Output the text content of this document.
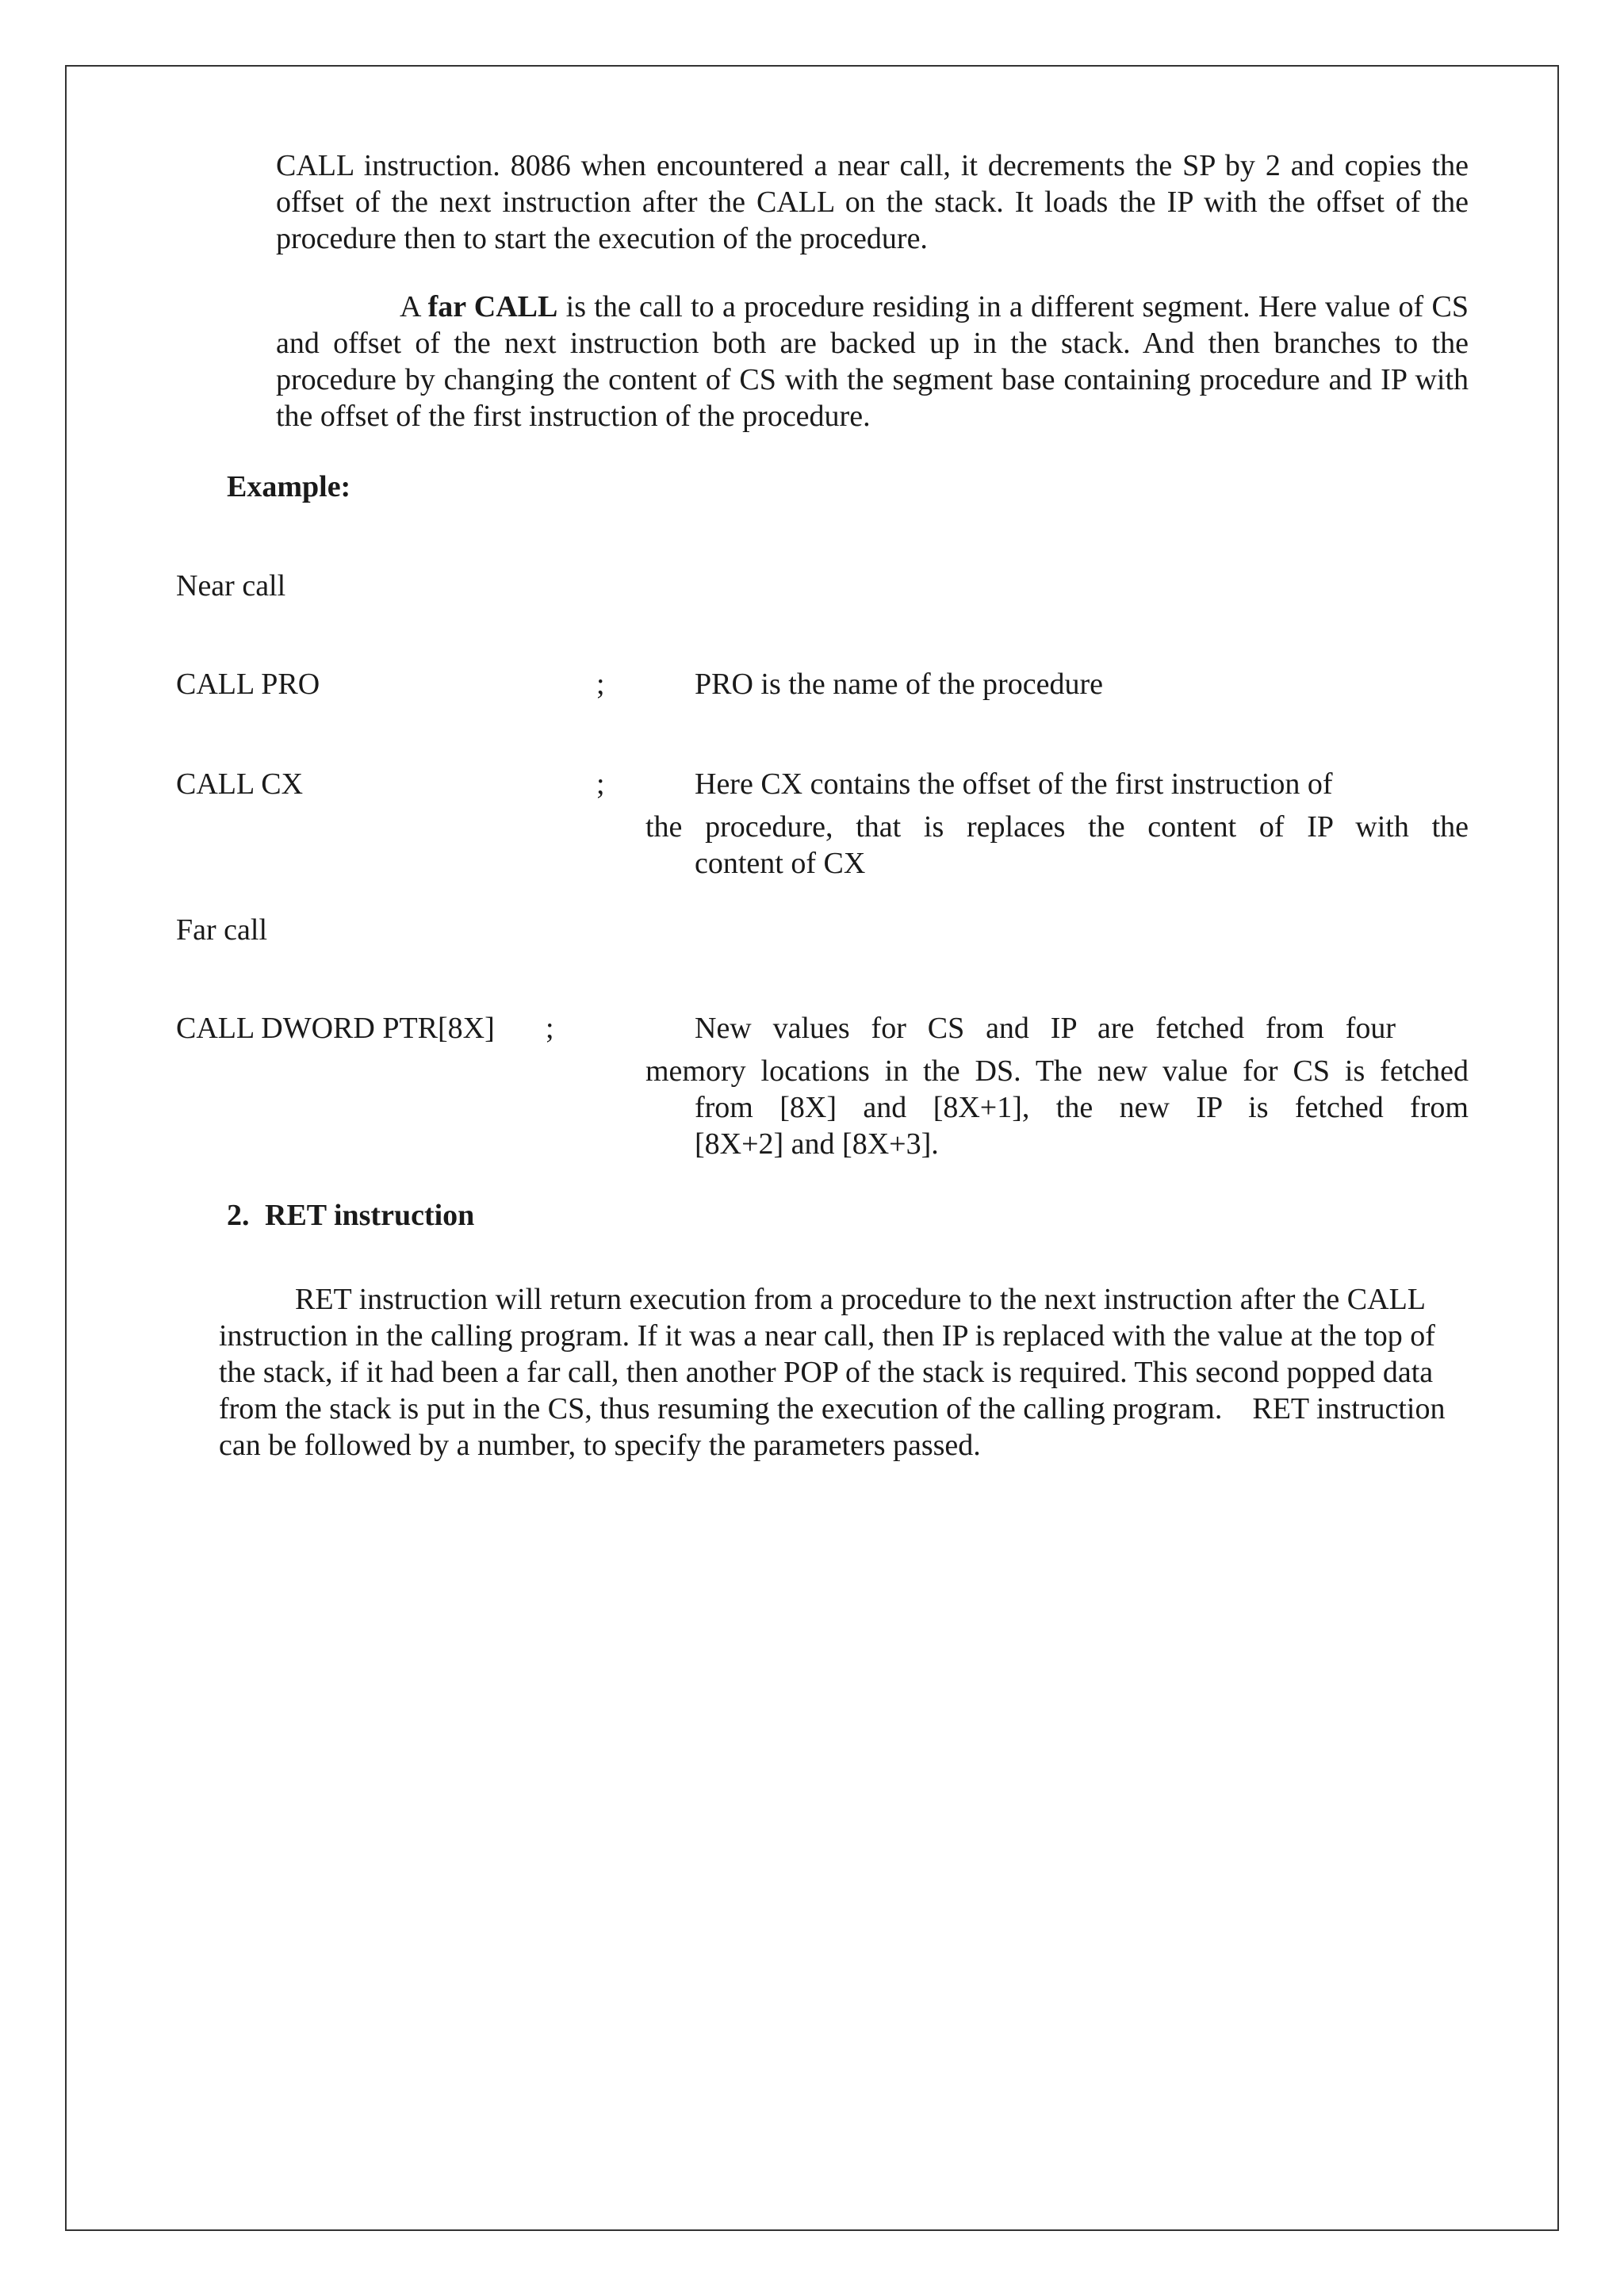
CALL instruction. 8086 when encountered a near call, it decrements the SP by 2 and copies the offset of the next instruction after the CALL on the stack. It loads the IP with the offset of the procedure then to start the execution of the procedure.

A far CALL is the call to a procedure residing in a different segment. Here value of CS and offset of the next instruction both are backed up in the stack. And then branches to the procedure by changing the content of CS with the segment base containing procedure and IP with the offset of the first instruction of the procedure.

Example:
Near call
CALL PRO	;	PRO is the name of the procedure
CALL CX	;	Here CX contains the offset of the first instruction of
the procedure, that is replaces the content of IP with the
content of CX
Far call
CALL DWORD PTR[8X] ;	New values for CS and IP are fetched from four
memory locations in the DS. The new value for CS is fetched
from [8X] and [8X+1], the new IP is fetched from
[8X+2] and [8X+3].
2. RET instruction

RET instruction will return execution from a procedure to the next instruction after the CALL instruction in the calling program. If it was a near call, then IP is replaced with the value at the top of the stack, if it had been a far call, then another POP of the stack is required. This second popped data from the stack is put in the CS, thus resuming the execution of the calling program.    RET instruction can be followed by a number, to specify the parameters passed.
